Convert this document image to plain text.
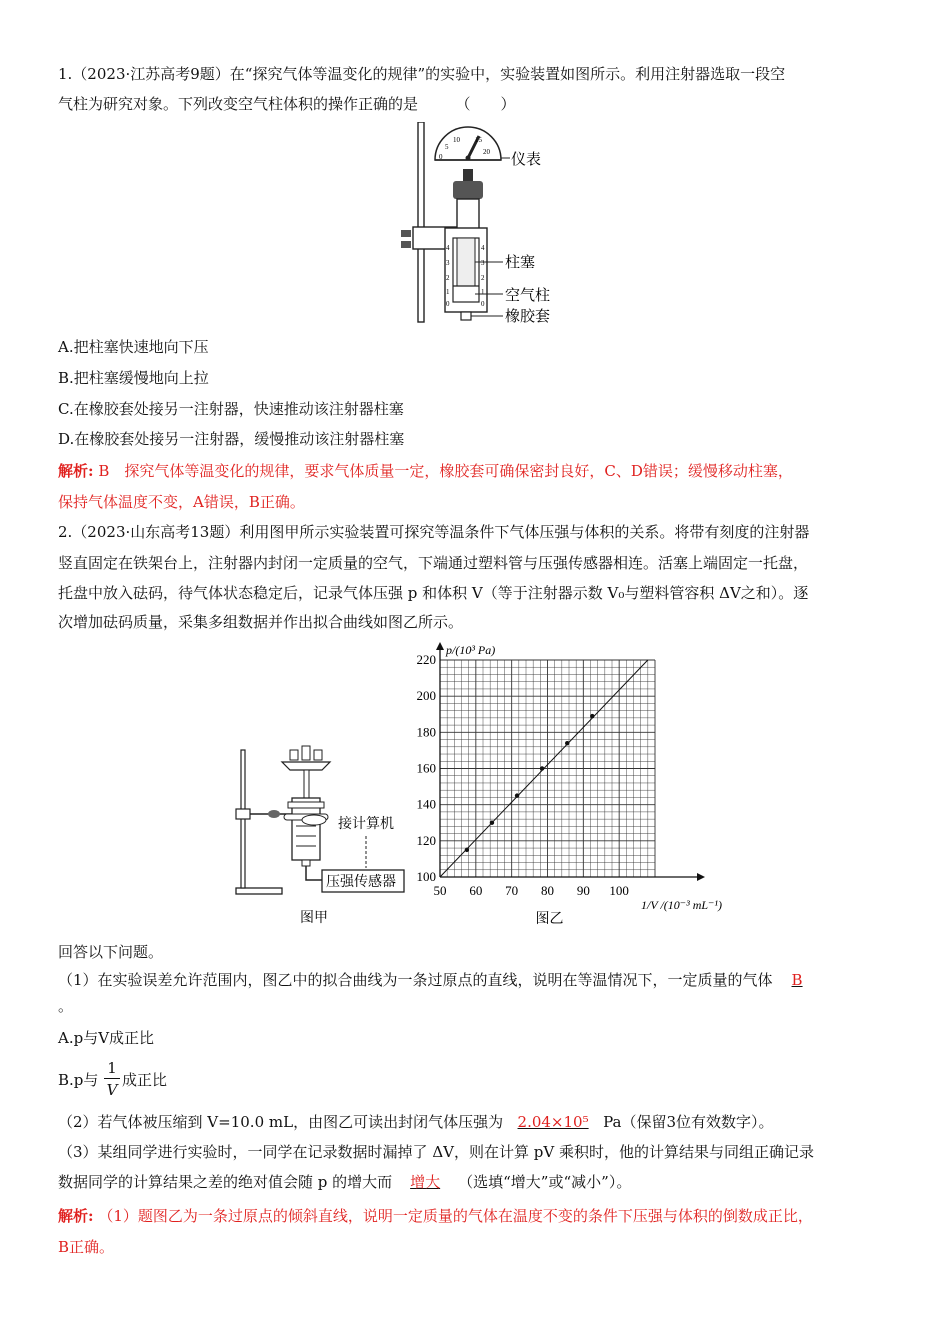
1.（2023·江苏高考9题）在“探究气体等温变化的规律”的实验中，实验装置如图所示。利用注射器选取一段空
气柱为研究对象。下列改变空气柱体积的操作正确的是　　　（　　）
0
5
10 15
20 仪表
4
3
2
1
0
4
3
2
1
0
柱塞
空气柱
橡胶套
A.把柱塞快速地向下压
B.把柱塞缓慢地向上拉
C.在橡胶套处接另一注射器，快速推动该注射器柱塞
D.在橡胶套处接另一注射器，缓慢推动该注射器柱塞
解析: B　探究气体等温变化的规律，要求气体质量一定，橡胶套可确保密封良好，C、D错误；缓慢移动柱塞，
保持气体温度不变，A错误，B正确。
2.（2023·山东高考13题）利用图甲所示实验装置可探究等温条件下气体压强与体积的关系。将带有刻度的注射器
竖直固定在铁架台上，注射器内封闭一定质量的空气，下端通过塑料管与压强传感器相连。活塞上端固定一托盘，
托盘中放入砝码，待气体状态稳定后，记录气体压强 p 和体积 V（等于注射器示数 V₀与塑料管容积 ΔV之和）。逐
次增加砝码质量，采集多组数据并作出拟合曲线如图乙所示。
接计算机
压强传感器
图甲
50 60 70 80 90 100
100
120
140
160
180
200
220
p/(10³ Pa)
1/V /(10⁻³ mL⁻¹)
图乙
回答以下问题。
（1）在实验误差允许范围内，图乙中的拟合曲线为一条过原点的直线，说明在等温情况下，一定质量的气体 B
。
A.p与V成正比
B.p与
1
V
成正比
（2）若气体被压缩到 V=10.0 mL，由图乙可读出封闭气体压强为 2.04×10⁵ Pa（保留3位有效数字）。
（3）某组同学进行实验时，一同学在记录数据时漏掉了 ΔV，则在计算 pV 乘积时，他的计算结果与同组正确记录
数据同学的计算结果之差的绝对值会随 p 的增大而 增大 （选填“增大”或“减小”）。
解析: （1）题图乙为一条过原点的倾斜直线，说明一定质量的气体在温度不变的条件下压强与体积的倒数成正比，
B正确。
